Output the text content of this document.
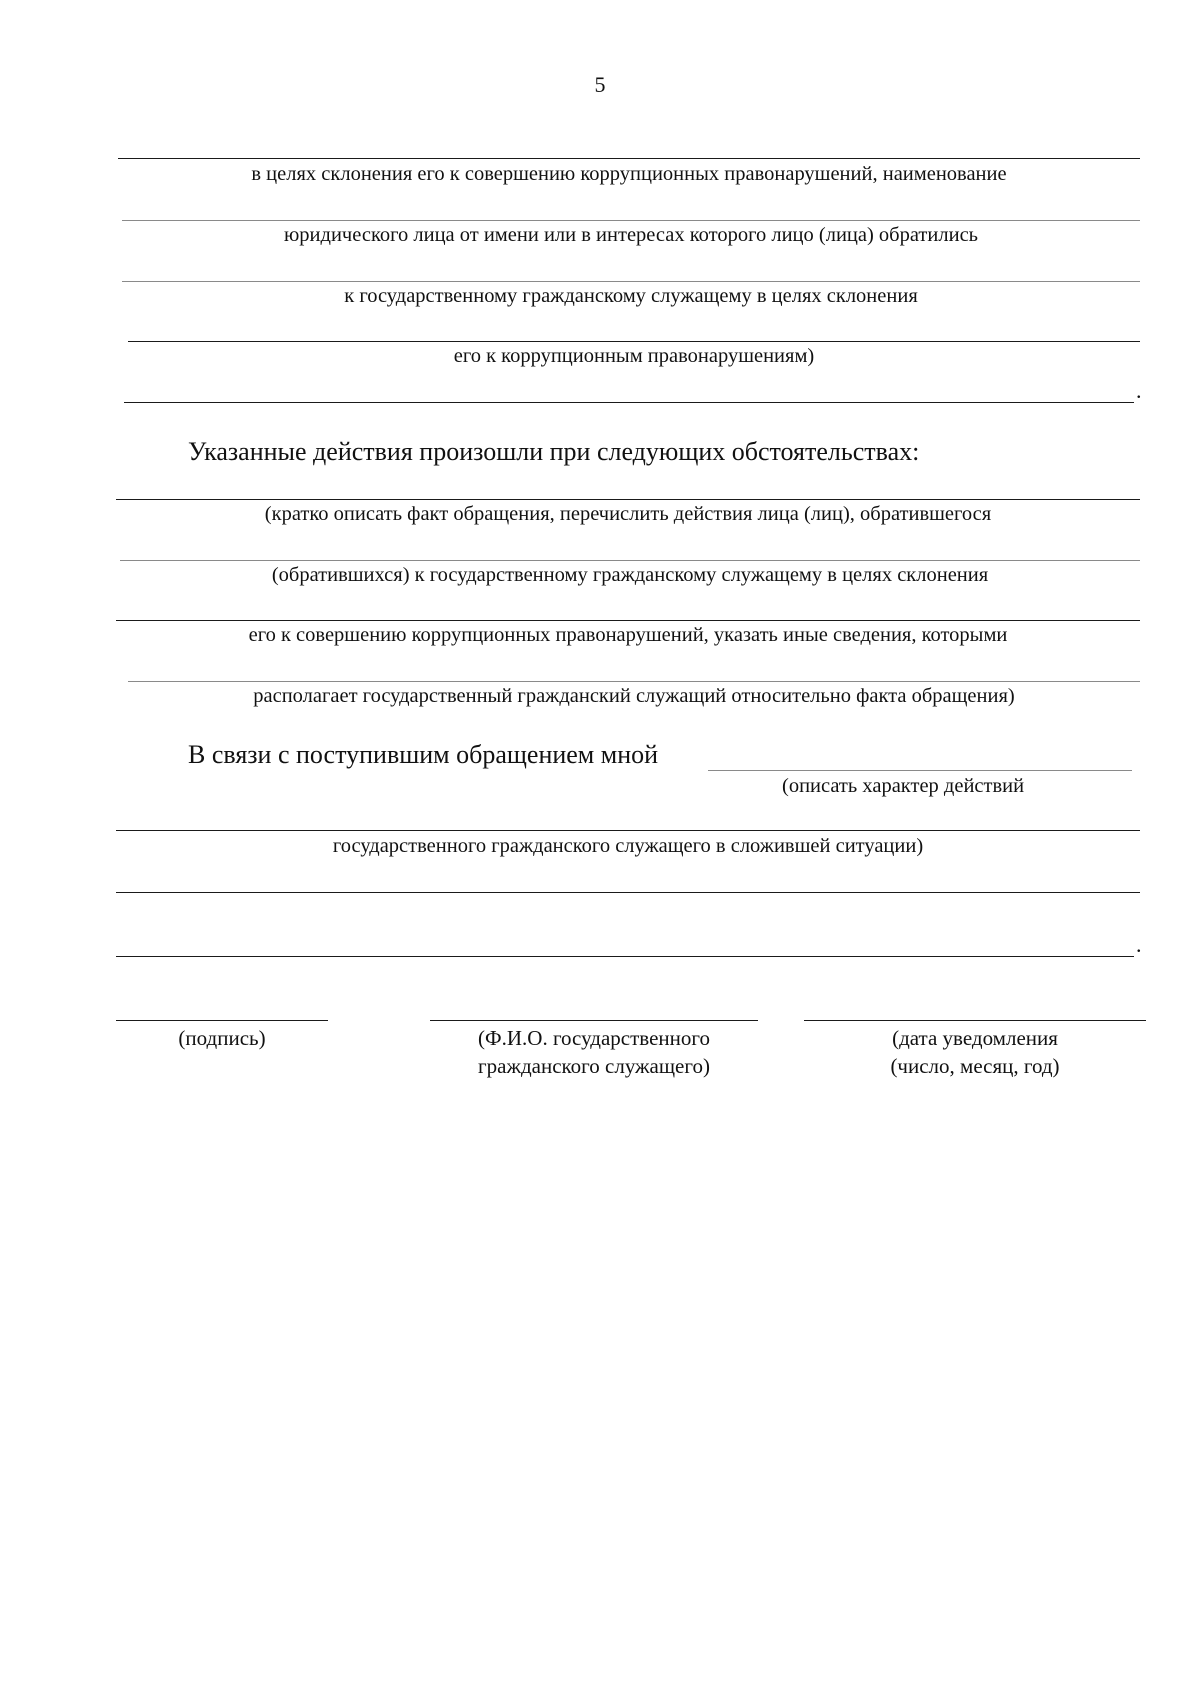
5
в целях склонения его к совершению коррупционных правонарушений, наименование
юридического лица от имени или в интересах которого лицо (лица) обратились
к государственному гражданскому служащему в целях склонения
его к коррупционным правонарушениям)
.
Указанные действия произошли при следующих обстоятельствах:
(кратко описать факт обращения, перечислить действия лица (лиц), обратившегося
(обратившихся) к государственному гражданскому служащему в целях склонения
его к совершению коррупционных правонарушений, указать иные сведения, которыми
располагает государственный гражданский служащий относительно факта обращения)
В связи с поступившим обращением мной
(описать характер действий
государственного гражданского служащего в сложившей ситуации)
.
(подпись)	(Ф.И.О. государственного
гражданского служащего)
(дата уведомления
(число, месяц, год)
